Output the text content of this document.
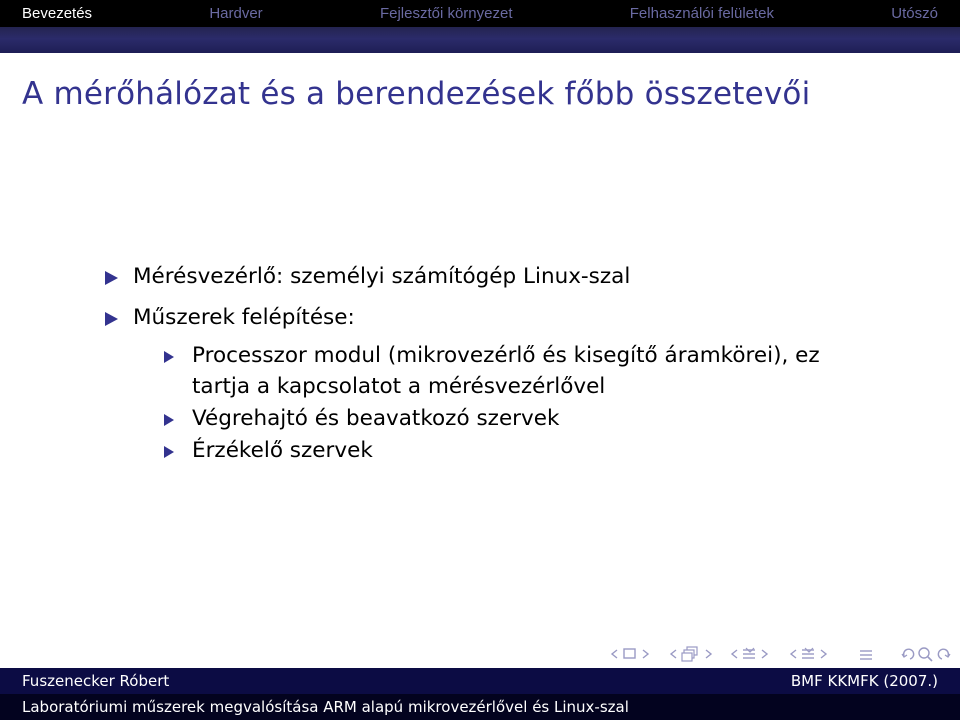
Bevezetés	Hardver	Fejlesztői környezet	Felhasználói felületek	Utószó
A mérőhálózat és a berendezések főbb összetevői
Mérésvezérlő: személyi számítógép Linux-szal
Műszerek felépítése:
Processzor modul (mikrovezérlő és kisegítő áramkörei), ez
tartja a kapcsolatot a mérésvezérlővel
Végrehajtó és beavatkozó szervek
Érzékelő szervek
Fuszenecker Róbert	BMF KKMFK (2007.)
Laboratóriumi műszerek megvalósítása ARM alapú mikrovezérlővel és Linux-szal
